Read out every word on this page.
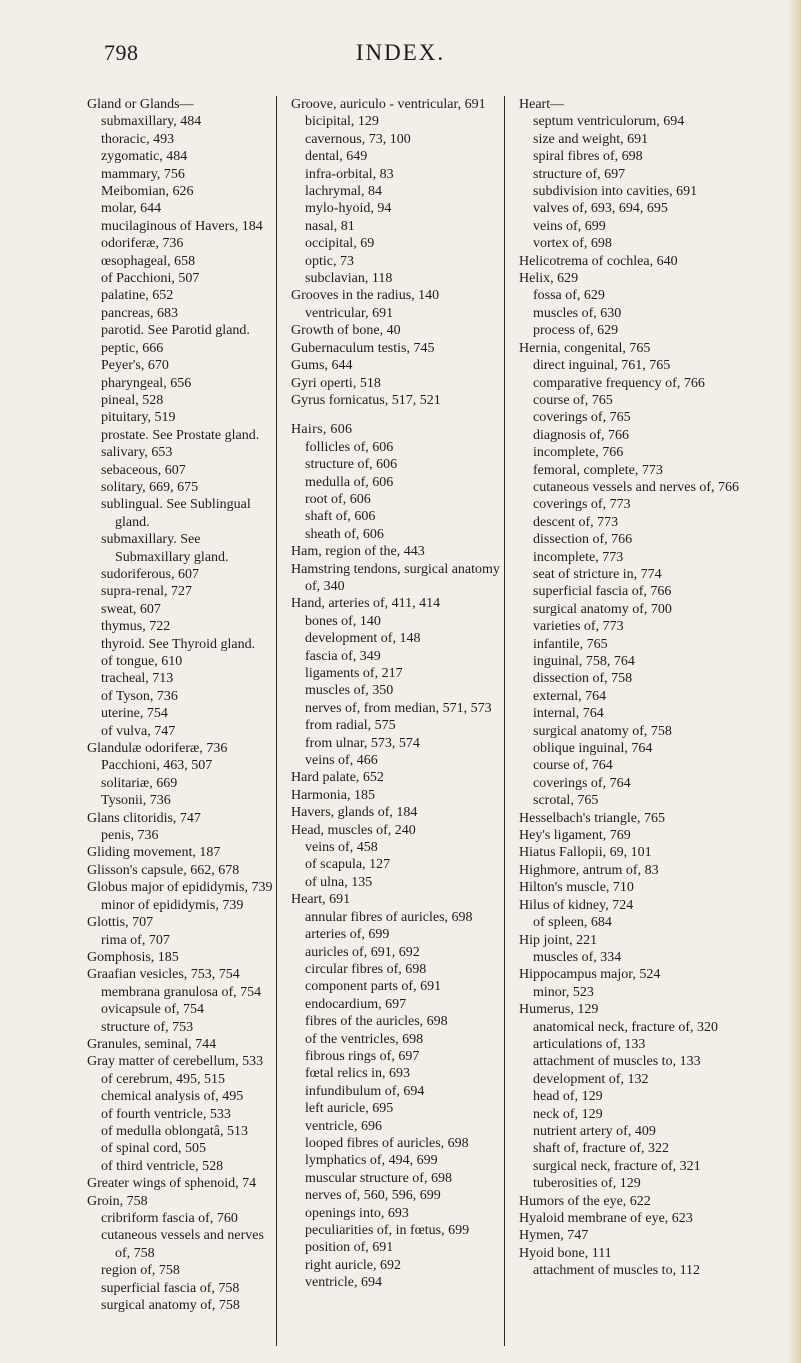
798	INDEX.

Gland or Glands—

submaxillary, 484

thoracic, 493

zygomatic, 484

mammary, 756

Meibomian, 626

molar, 644

mucilaginous of Havers, 184

odoriferæ, 736

œsophageal, 658

of Pacchioni, 507

palatine, 652

pancreas, 683

parotid. See Parotid gland.

peptic, 666

Peyer's, 670

pharyngeal, 656

pineal, 528

pituitary, 519

prostate. See Prostate gland.

salivary, 653

sebaceous, 607

solitary, 669, 675

sublingual. See Sublingual gland.

submaxillary. See Submaxillary gland.

sudoriferous, 607

supra-renal, 727

sweat, 607

thymus, 722

thyroid. See Thyroid gland.

of tongue, 610

tracheal, 713

of Tyson, 736

uterine, 754

of vulva, 747

Glandulæ odoriferæ, 736

Pacchioni, 463, 507

solitariæ, 669

Tysonii, 736

Glans clitoridis, 747

penis, 736

Gliding movement, 187

Glisson's capsule, 662, 678

Globus major of epididymis, 739

minor of epididymis, 739

Glottis, 707

rima of, 707

Gomphosis, 185

Graafian vesicles, 753, 754

membrana granulosa of, 754

ovicapsule of, 754

structure of, 753

Granules, seminal, 744

Gray matter of cerebellum, 533

of cerebrum, 495, 515

chemical analysis of, 495

of fourth ventricle, 533

of medulla oblongatâ, 513

of spinal cord, 505

of third ventricle, 528

Greater wings of sphenoid, 74

Groin, 758

cribriform fascia of, 760

cutaneous vessels and nerves of, 758

region of, 758

superficial fascia of, 758

surgical anatomy of, 758

Groove, auriculo - ventricular, 691

bicipital, 129

cavernous, 73, 100

dental, 649

infra-orbital, 83

lachrymal, 84

mylo-hyoid, 94

nasal, 81

occipital, 69

optic, 73

subclavian, 118

Grooves in the radius, 140

ventricular, 691

Growth of bone, 40

Gubernaculum testis, 745

Gums, 644

Gyri operti, 518

Gyrus fornicatus, 517, 521

Hairs, 606

follicles of, 606

structure of, 606

medulla of, 606

root of, 606

shaft of, 606

sheath of, 606

Ham, region of the, 443

Hamstring tendons, surgical anatomy of, 340

Hand, arteries of, 411, 414

bones of, 140

development of, 148

fascia of, 349

ligaments of, 217

muscles of, 350

nerves of, from median, 571, 573

from radial, 575

from ulnar, 573, 574

veins of, 466

Hard palate, 652

Harmonia, 185

Havers, glands of, 184

Head, muscles of, 240

veins of, 458

of scapula, 127

of ulna, 135

Heart, 691

annular fibres of auricles, 698

arteries of, 699

auricles of, 691, 692

circular fibres of, 698

component parts of, 691

endocardium, 697

fibres of the auricles, 698

of the ventricles, 698

fibrous rings of, 697

fœtal relics in, 693

infundibulum of, 694

left auricle, 695

ventricle, 696

looped fibres of auricles, 698

lymphatics of, 494, 699

muscular structure of, 698

nerves of, 560, 596, 699

openings into, 693

peculiarities of, in fœtus, 699

position of, 691

right auricle, 692

ventricle, 694

Heart—

septum ventriculorum, 694

size and weight, 691

spiral fibres of, 698

structure of, 697

subdivision into cavities, 691

valves of, 693, 694, 695

veins of, 699

vortex of, 698

Helicotrema of cochlea, 640

Helix, 629

fossa of, 629

muscles of, 630

process of, 629

Hernia, congenital, 765

direct inguinal, 761, 765

comparative frequency of, 766

course of, 765

coverings of, 765

diagnosis of, 766

incomplete, 766

femoral, complete, 773

cutaneous vessels and nerves of, 766

coverings of, 773

descent of, 773

dissection of, 766

incomplete, 773

seat of stricture in, 774

superficial fascia of, 766

surgical anatomy of, 700

varieties of, 773

infantile, 765

inguinal, 758, 764

dissection of, 758

external, 764

internal, 764

surgical anatomy of, 758

oblique inguinal, 764

course of, 764

coverings of, 764

scrotal, 765

Hesselbach's triangle, 765

Hey's ligament, 769

Hiatus Fallopii, 69, 101

Highmore, antrum of, 83

Hilton's muscle, 710

Hilus of kidney, 724

of spleen, 684

Hip joint, 221

muscles of, 334

Hippocampus major, 524

minor, 523

Humerus, 129

anatomical neck, fracture of, 320

articulations of, 133

attachment of muscles to, 133

development of, 132

head of, 129

neck of, 129

nutrient artery of, 409

shaft of, fracture of, 322

surgical neck, fracture of, 321

tuberosities of, 129

Humors of the eye, 622

Hyaloid membrane of eye, 623

Hymen, 747

Hyoid bone, 111

attachment of muscles to, 112
